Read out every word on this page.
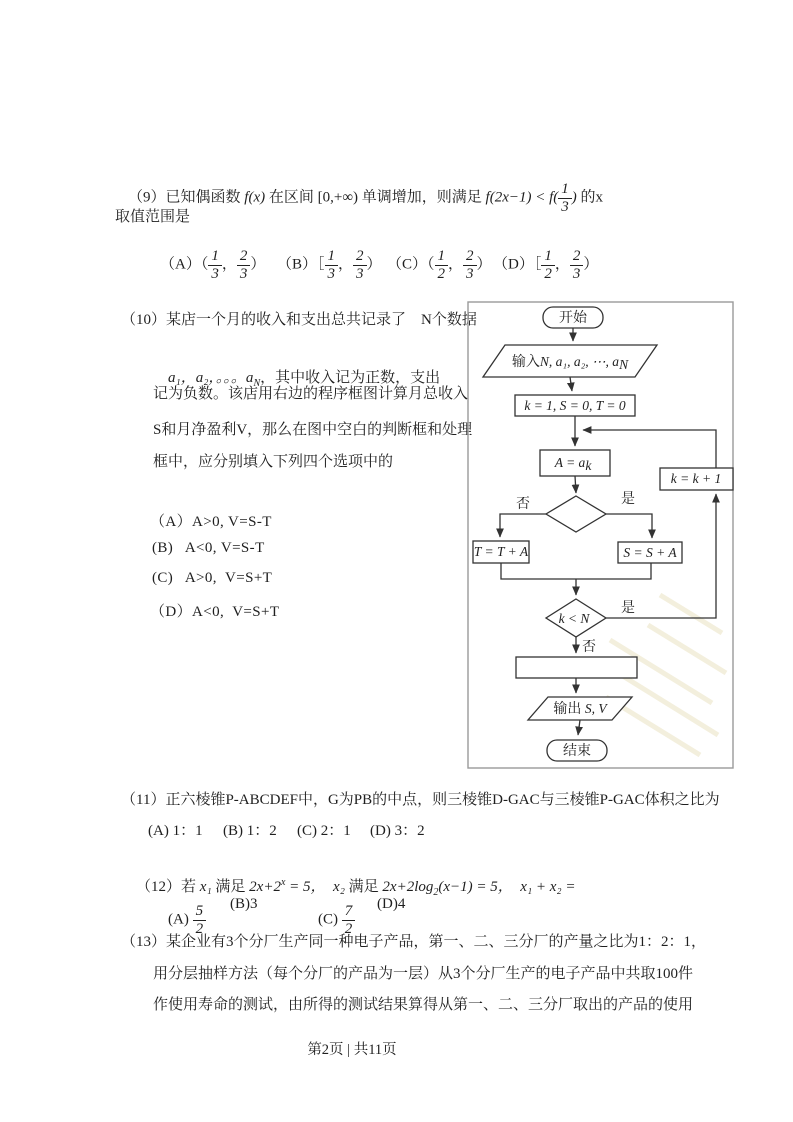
（9）已知偶函数 f(x) 在区间 [0,+∞) 单调增加，则满足 $f(2x-1) < f( \frac{1}{3}$ ) 的x

取值范围是

$(A)( \frac{1}{3}$ ， $\frac{2}{3}$ ）
（B）［ $\frac{1}{3}$ ， $\frac{2}{3}$ ）
$(C)( \frac{1}{2}$ ， $\frac{2}{3}$ ）
（D）［ $\frac{1}{2}$ ， $\frac{2}{3}$ ）

（10）某店一个月的收入和支出总共记录了    N个数据

a₁，a₂，。。。$a_N$，其中收入记为正数，支出

记为负数。该店用右边的程序框图计算月总收入
S和月净盈利V，那么在图中空白的判断框和处理
框中，应分别填入下列四个选项中的
（A）A>0, V=S-T
(B)   A<0, V=S-T
(C)   A>0,  V=S+T
（D）A<0,  V=S+T
开始
输入N, a₁, a₂, ⋯, aN
k = 1, S = 0, T = 0
A = ak
k = k + 1
T = T + A	S = S + A
k < N
输出 S, V
结束
否	是
是
否
（11）正六棱锥P-ABCDEF中，G为PB的中点，则三棱锥D-GAC与三棱锥P-GAC体积之比为
(A) 1：1 (B) 1：2 (C) 2：1 (D) 3：2

（12）若 x₁ 满足 $2x+2^x = 5$，  x₂ 满足 $2x+2\log_2(x-1) = 5$，  x₁ + x₂ =

$(A) \frac{5}{2}$

(B)3

$(C) \frac{7}{2}$

(D)4
（13）某企业有3个分厂生产同一种电子产品，第一、二、三分厂的产量之比为1：2：1，
用分层抽样方法（每个分厂的产品为一层）从3个分厂生产的电子产品中共取100件
作使用寿命的测试，由所得的测试结果算得从第一、二、三分厂取出的产品的使用
第2页 | 共11页
